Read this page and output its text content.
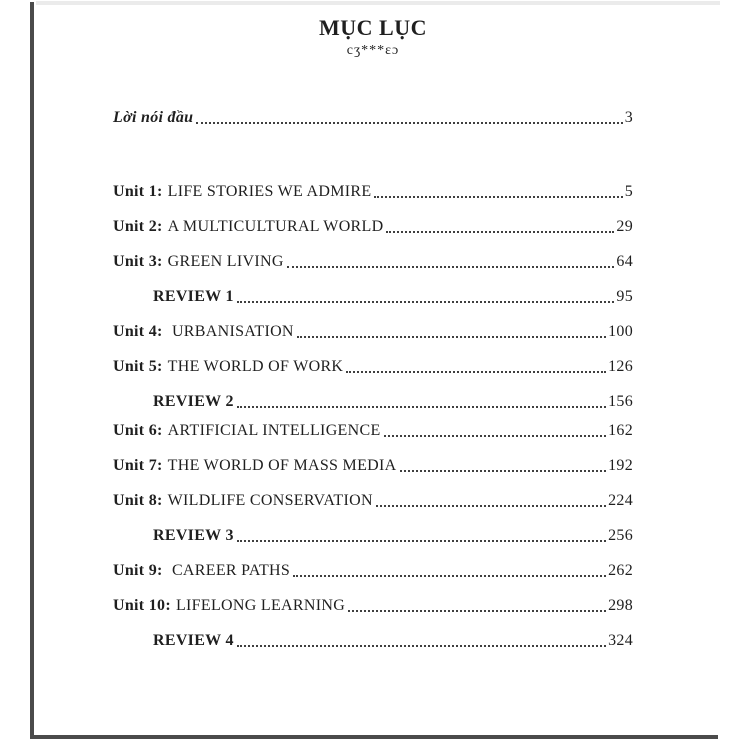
MỤC LỤC
cʒ***ɛɔ
Lời nói đầu	3
Unit 1: LIFE STORIES WE ADMIRE	5
Unit 2: A MULTICULTURAL WORLD	29
Unit 3: GREEN LIVING	64
REVIEW 1	95
Unit 4: URBANISATION	100
Unit 5: THE WORLD OF WORK	126
REVIEW 2	156
Unit 6: ARTIFICIAL INTELLIGENCE	162
Unit 7: THE WORLD OF MASS MEDIA	192
Unit 8: WILDLIFE CONSERVATION	224
REVIEW 3	256
Unit 9: CAREER PATHS	262
Unit 10: LIFELONG LEARNING	298
REVIEW 4	324
